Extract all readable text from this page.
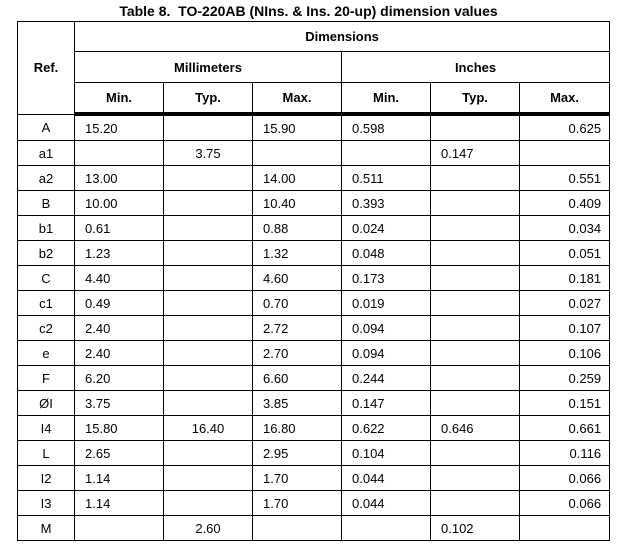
Table 8.  TO-220AB (NIns. & Ins. 20-up) dimension values
Ref.	Dimensions					
	Millimeters			Inches		
	Min.	Typ.	Max.	Min.	Typ.	Max.
A	15.20		15.90	0.598		0.625
a1		3.75			0.147	
a2	13.00		14.00	0.511		0.551
B	10.00		10.40	0.393		0.409
b1	0.61		0.88	0.024		0.034
b2	1.23		1.32	0.048		0.051
C	4.40		4.60	0.173		0.181
c1	0.49		0.70	0.019		0.027
c2	2.40		2.72	0.094		0.107
e	2.40		2.70	0.094		0.106
F	6.20		6.60	0.244		0.259
ØI	3.75		3.85	0.147		0.151
I4	15.80	16.40	16.80	0.622	0.646	0.661
L	2.65		2.95	0.104		0.116
I2	1.14		1.70	0.044		0.066
I3	1.14		1.70	0.044		0.066
M		2.60			0.102	
